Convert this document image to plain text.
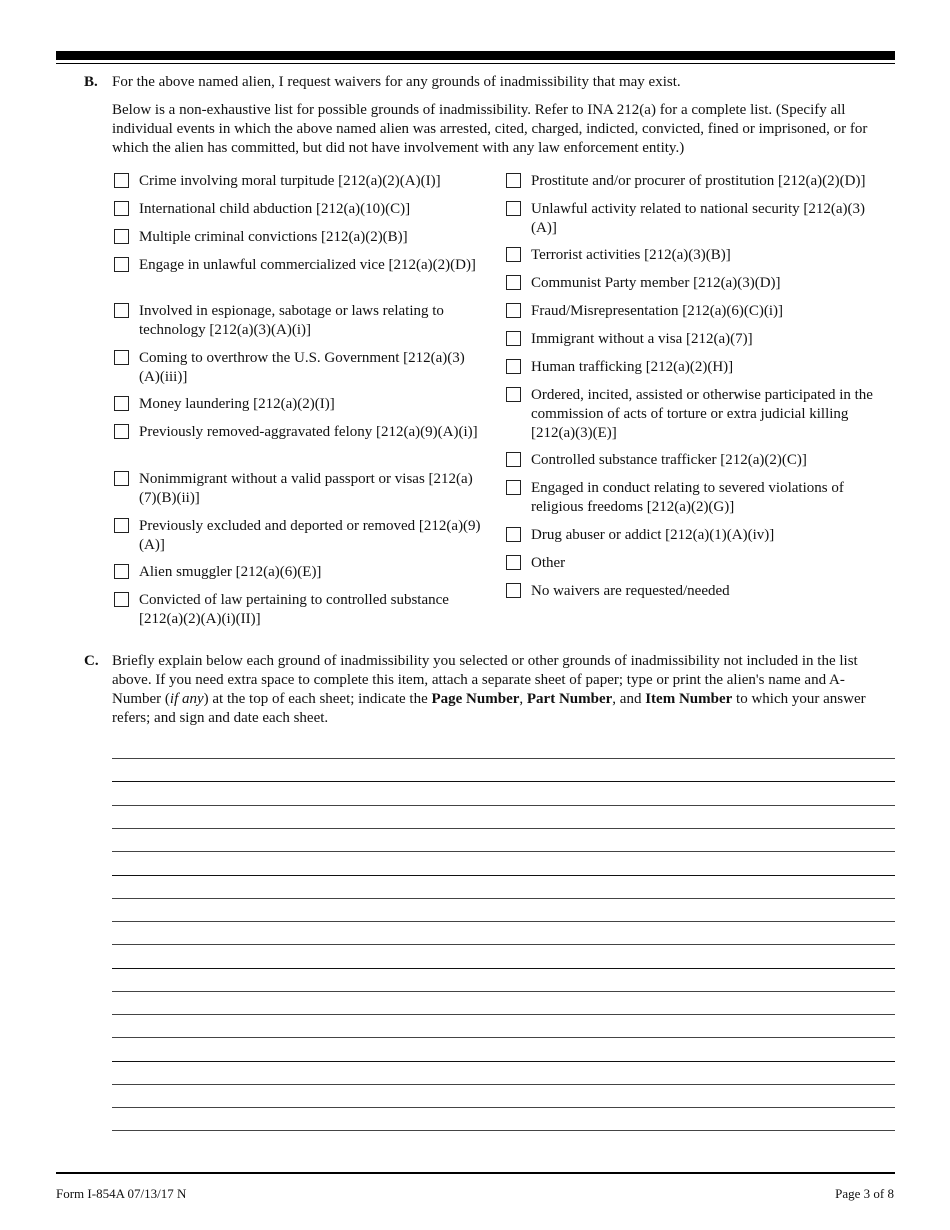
B. For the above named alien, I request waivers for any grounds of inadmissibility that may exist.
Below is a non-exhaustive list for possible grounds of inadmissibility. Refer to INA 212(a) for a complete list. (Specify all individual events in which the above named alien was arrested, cited, charged, indicted, convicted, fined or imprisoned, or for which the alien has committed, but did not have involvement with any law enforcement entity.)
Crime involving moral turpitude [212(a)(2)(A)(I)]
International child abduction [212(a)(10)(C)]
Multiple criminal convictions [212(a)(2)(B)]
Engage in unlawful commercialized vice [212(a)(2)(D)]
Involved in espionage, sabotage or laws relating to technology [212(a)(3)(A)(i)]
Coming to overthrow the U.S. Government [212(a)(3)(A)(iii)]
Money laundering [212(a)(2)(I)]
Previously removed-aggravated felony [212(a)(9)(A)(i)]
Nonimmigrant without a valid passport or visas [212(a)(7)(B)(ii)]
Previously excluded and deported or removed [212(a)(9)(A)]
Alien smuggler [212(a)(6)(E)]
Convicted of law pertaining to controlled substance [212(a)(2)(A)(i)(II)]
Prostitute and/or procurer of prostitution [212(a)(2)(D)]
Unlawful activity related to national security [212(a)(3)(A)]
Terrorist activities [212(a)(3)(B)]
Communist Party member [212(a)(3)(D)]
Fraud/Misrepresentation [212(a)(6)(C)(i)]
Immigrant without a visa [212(a)(7)]
Human trafficking [212(a)(2)(H)]
Ordered, incited, assisted or otherwise participated in the commission of acts of torture or extra judicial killing [212(a)(3)(E)]
Controlled substance trafficker [212(a)(2)(C)]
Engaged in conduct relating to severed violations of religious freedoms [212(a)(2)(G)]
Drug abuser or addict [212(a)(1)(A)(iv)]
Other
No waivers are requested/needed
C. Briefly explain below each ground of inadmissibility you selected or other grounds of inadmissibility not included in the list above. If you need extra space to complete this item, attach a separate sheet of paper; type or print the alien's name and A-Number (if any) at the top of each sheet; indicate the Page Number, Part Number, and Item Number to which your answer refers; and sign and date each sheet.
Form I-854A 07/13/17 N	Page 3 of 8
